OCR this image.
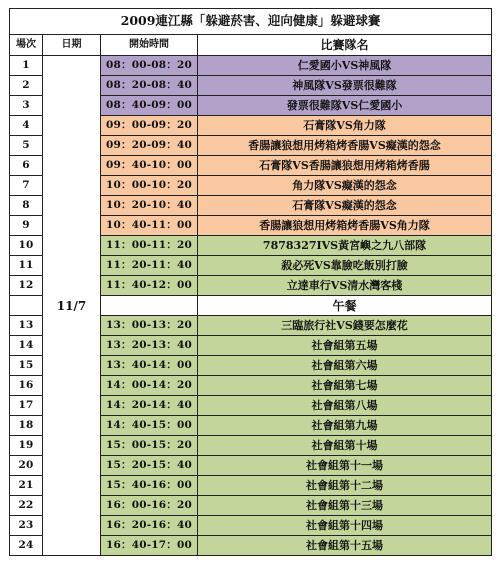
2009連江縣「躲避菸害、迎向健康」躲避球賽			
場次	日期	開始時間	比賽隊名
1	11/7	08：00-08：20	仁愛國小VS神風隊
2		08：20-08：40	神風隊VS發票很難隊
3		08：40-09：00	發票很難隊VS仁愛國小
4		09：00-09：20	石膏隊VS角力隊
5		09：20-09：40	香腸讓狼想用烤箱烤香腸VS癡漢的怨念
6		09：40-10：00	石膏隊VS香腸讓狼想用烤箱烤香腸
7		10：00-10：20	角力隊VS癡漢的怨念
8		10：20-10：40	石膏隊VS癡漢的怨念
9		10：40-11：00	香腸讓狼想用烤箱烤香腸VS角力隊
10		11：00-11：20	7878327IVS黃宮嶼之九八部隊
11		11：20-11：40	殺必死VS靠臉吃飯別打臉
12		11：40-12：00	立達車行VS清水灣客棧
			午餐
13		13：00-13：20	三臨旅行社VS錢要怎麼花
14		13：20-13：40	社會組第五場
15		13：40-14：00	社會組第六場
16		14：00-14：20	社會組第七場
17		14：20-14：40	社會組第八場
18		14：40-15：00	社會組第九場
19		15：00-15：20	社會組第十場
20		15：20-15：40	社會組第十一場
21		15：40-16：00	社會組第十二場
22		16：00-16：20	社會組第十三場
23		16：20-16：40	社會組第十四場
24		16：40-17：00	社會組第十五場
